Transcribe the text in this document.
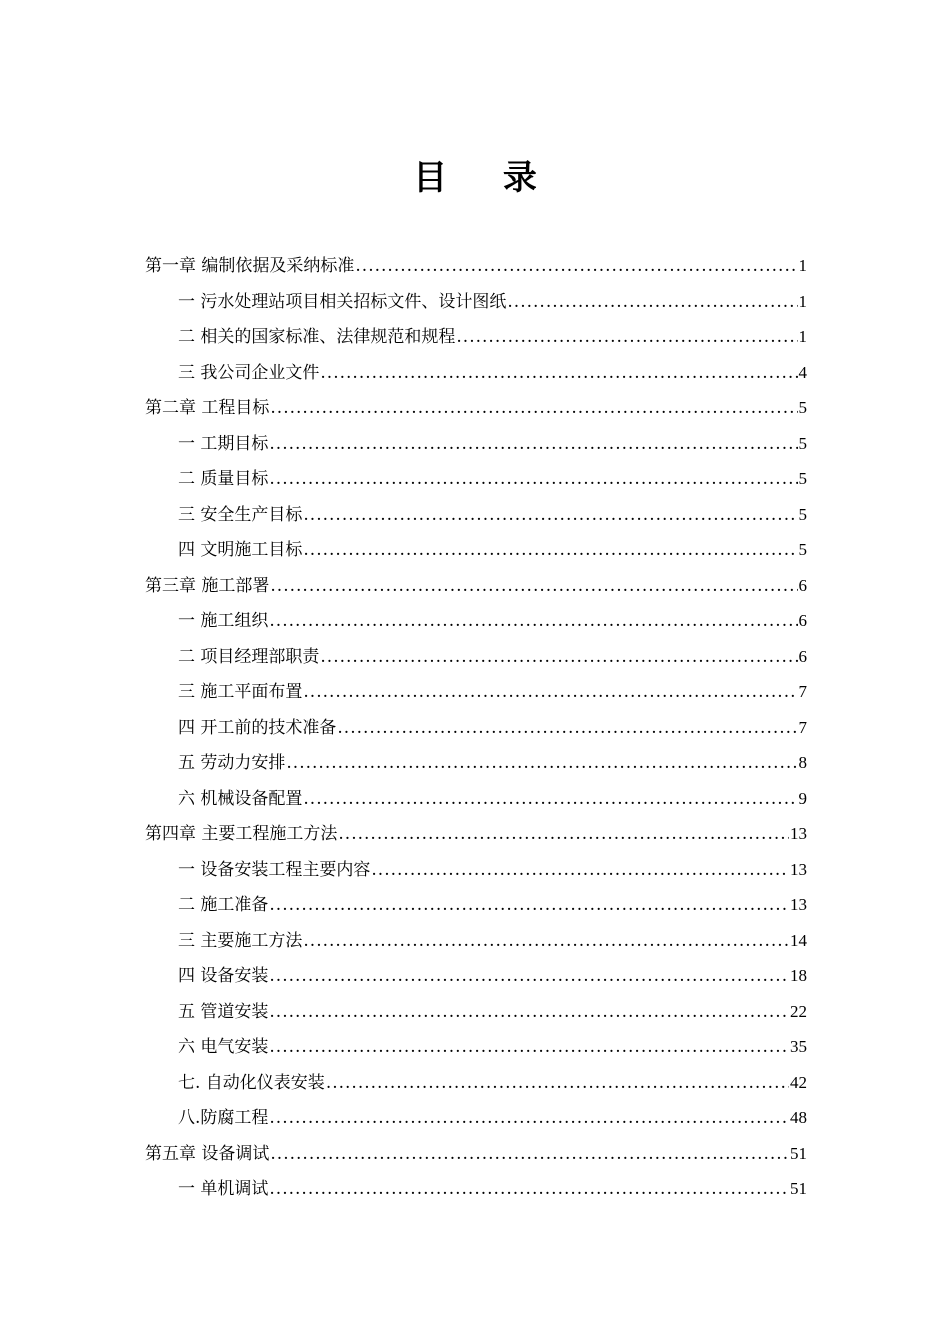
目 录
第一章 编制依据及采纳标准 .....	1
一 污水处理站项目相关招标文件、设计图纸 .....	1
二 相关的国家标准、法律规范和规程 .....	1
三 我公司企业文件 .....	4
第二章 工程目标 .....	5
一 工期目标 .....	5
二 质量目标 .....	5
三 安全生产目标 .....	5
四 文明施工目标 .....	5
第三章 施工部署 .....	6
一 施工组织 .....	6
二 项目经理部职责 .....	6
三 施工平面布置 .....	7
四 开工前的技术准备 .....	7
五 劳动力安排 .....	8
六 机械设备配置 .....	9
第四章 主要工程施工方法 .....	13
一 设备安装工程主要内容 .....	13
二 施工准备 .....	13
三 主要施工方法 .....	14
四 设备安装 .....	18
五 管道安装 .....	22
六 电气安装 .....	35
七. 自动化仪表安装 .....	42
八.防腐工程 .....	48
第五章 设备调试 .....	51
一 单机调试 .....	51
